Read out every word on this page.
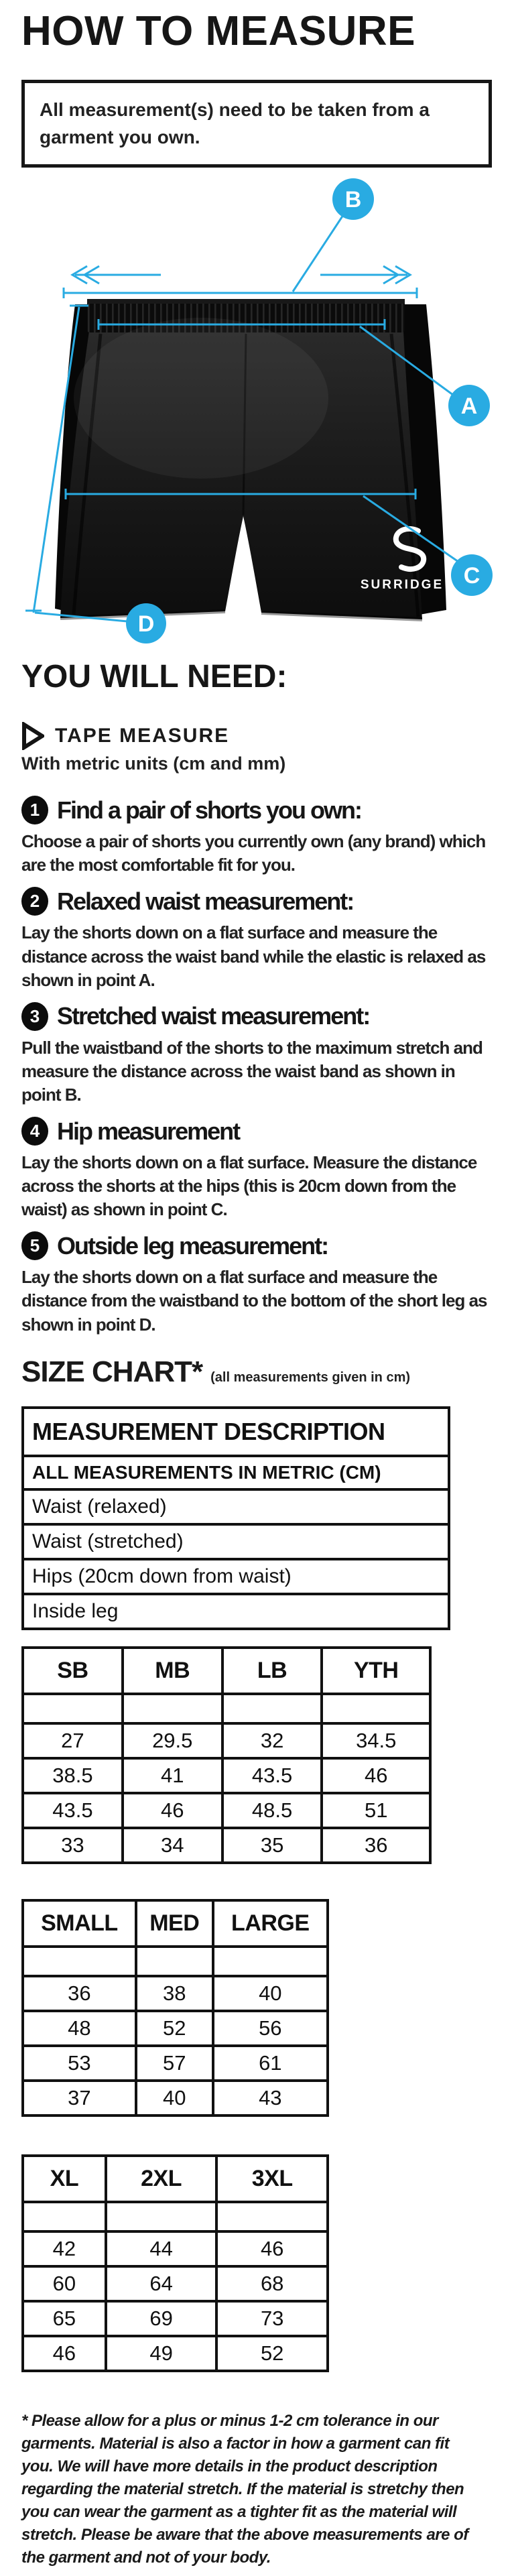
HOW TO MEASURE
All measurement(s) need to be taken from a garment you own.
SURRIDGE
B
A
C
D
YOU WILL NEED:
TAPE MEASURE
With metric units (cm and mm)
1 Find a pair of shorts you own:
Choose a pair of shorts you currently own (any brand) which are the most comfortable fit for you.
2 Relaxed waist measurement:
Lay the shorts down on a flat surface and measure the distance across the waist band while the elastic is relaxed as shown in point A.
3 Stretched waist measurement:
Pull the waistband of the shorts to the maximum stretch and measure the distance across the waist band as shown in point B.
4 Hip measurement
Lay the shorts down on a flat surface. Measure the distance across the shorts at the hips (this is 20cm down from the waist) as shown in point C.
5 Outside leg measurement:
Lay the shorts down on a flat surface and measure the distance from the waistband to the bottom of the short leg as shown in point D.
SIZE CHART* (all measurements given in cm)
MEASUREMENT DESCRIPTION
ALL MEASUREMENTS IN METRIC (CM)
Waist (relaxed)
Waist (stretched)
Hips (20cm down from waist)
Inside leg
SB	MB	LB	YTH

27	29.5	32	34.5
38.5	41	43.5	46
43.5	46	48.5	51
33	34	35	36
SMALL	MED	LARGE

36	38	40
48	52	56
53	57	61
37	40	43
XL	2XL	3XL

42	44	46
60	64	68
65	69	73
46	49	52
* Please allow for a plus or minus 1-2 cm tolerance in our garments. Material is also a factor in how a garment can fit you. We will have more details in the product description regarding the material stretch. If the material is stretchy then you can wear the garment as a tighter fit as the material will stretch. Please be aware that the above measurements are of the garment and not of your body.
